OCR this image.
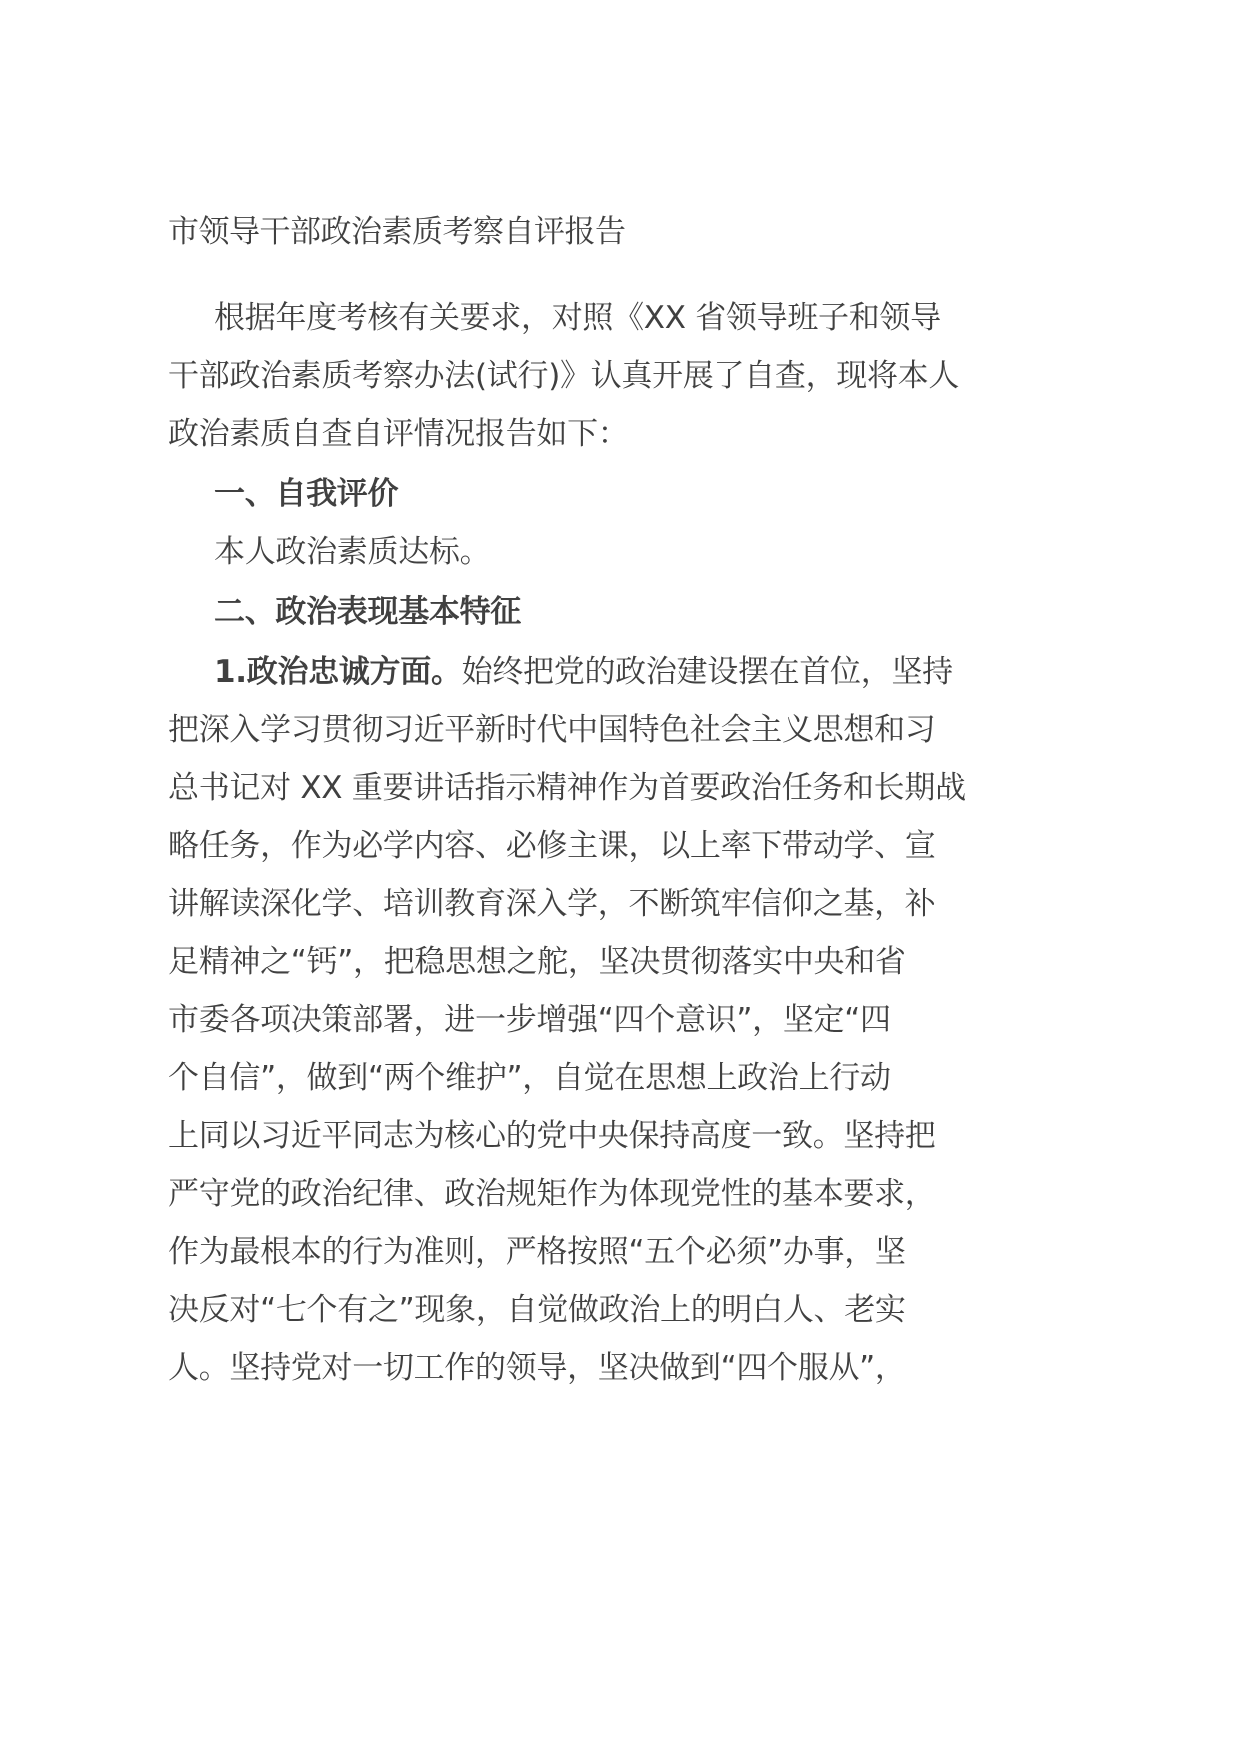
市领导干部政治素质考察自评报告
根据年度考核有关要求，对照《XX 省领导班子和领导
干部政治素质考察办法(试行)》认真开展了自查，现将本人
政治素质自查自评情况报告如下：
一、自我评价
本人政治素质达标。
二、政治表现基本特征
1.政治忠诚方面。始终把党的政治建设摆在首位，坚持
把深入学习贯彻习近平新时代中国特色社会主义思想和习
总书记对 XX 重要讲话指示精神作为首要政治任务和长期战
略任务，作为必学内容、必修主课，以上率下带动学、宣
讲解读深化学、培训教育深入学，不断筑牢信仰之基，补
足精神之“钙”，把稳思想之舵，坚决贯彻落实中央和省
市委各项决策部署，进一步增强“四个意识”，坚定“四
个自信”，做到“两个维护”，自觉在思想上政治上行动
上同以习近平同志为核心的党中央保持高度一致。坚持把
严守党的政治纪律、政治规矩作为体现党性的基本要求，
作为最根本的行为准则，严格按照“五个必须”办事，坚
决反对“七个有之”现象，自觉做政治上的明白人、老实
人。坚持党对一切工作的领导，坚决做到“四个服从”，
